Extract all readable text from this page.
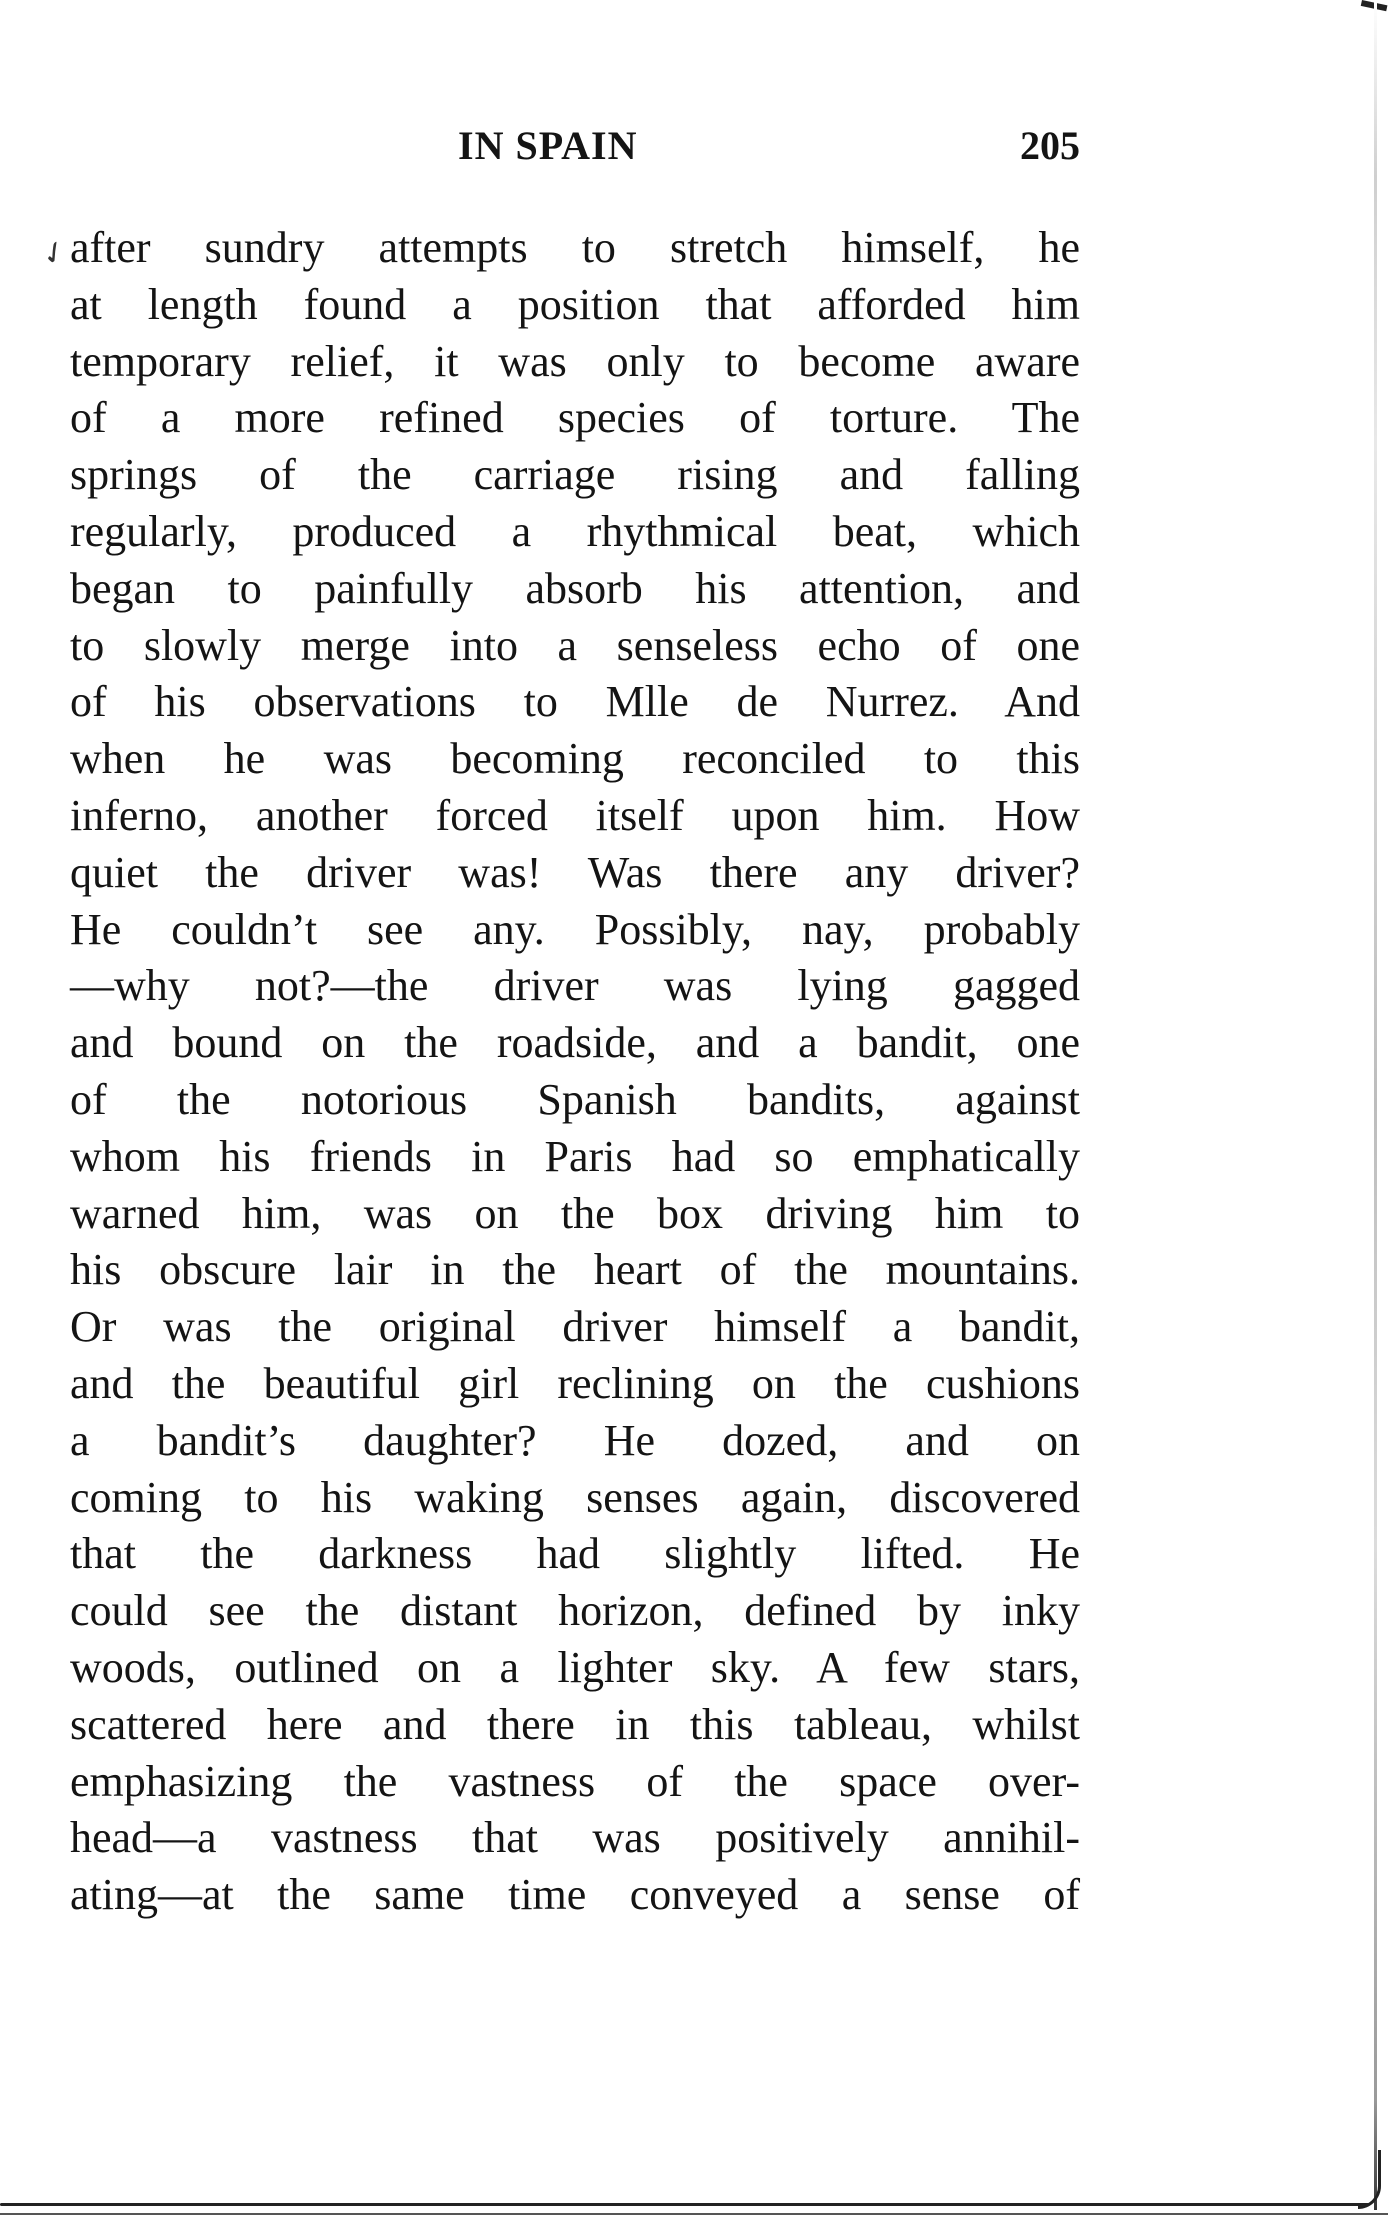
IN SPAIN	205
✓
after sundry attempts to stretch himself, he
at length found a position that afforded him
temporary relief, it was only to become aware
of a more refined species of torture. The
springs of the carriage rising and falling
regularly, produced a rhythmical beat, which
began to painfully absorb his attention, and
to slowly merge into a senseless echo of one
of his observations to Mlle de Nurrez. And
when he was becoming reconciled to this
inferno, another forced itself upon him. How
quiet the driver was! Was there any driver?
He couldn’t see any. Possibly, nay, probably
—why not?—the driver was lying gagged
and bound on the roadside, and a bandit, one
of the notorious Spanish bandits, against
whom his friends in Paris had so emphatically
warned him, was on the box driving him to
his obscure lair in the heart of the mountains.
Or was the original driver himself a bandit,
and the beautiful girl reclining on the cushions
a bandit’s daughter? He dozed, and on
coming to his waking senses again, discovered
that the darkness had slightly lifted. He
could see the distant horizon, defined by inky
woods, outlined on a lighter sky. A few stars,
scattered here and there in this tableau, whilst
emphasizing the vastness of the space over-
head—a vastness that was positively annihil-
ating—at the same time conveyed a sense of
